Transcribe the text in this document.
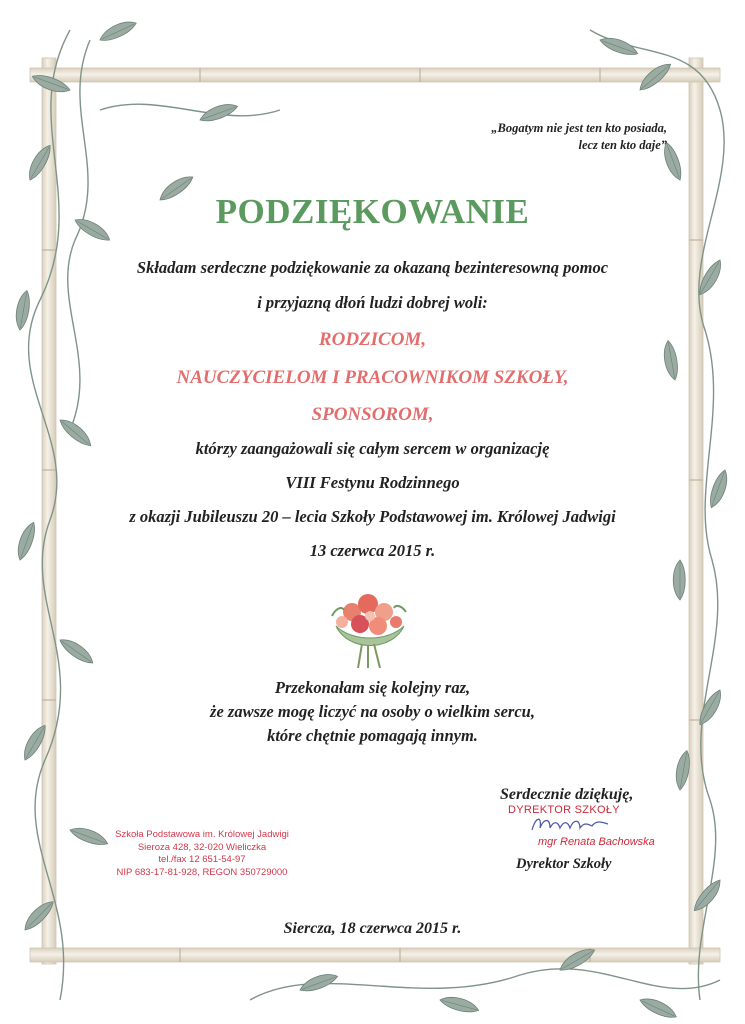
„Bogatym nie jest ten kto posiada,
lecz ten kto daje”
PODZIĘKOWANIE
Składam serdeczne podziękowanie za okazaną bezinteresowną pomoc
i przyjazną dłoń ludzi dobrej woli:
RODZICOM,
NAUCZYCIELOM I PRACOWNIKOM SZKOŁY,
SPONSOROM,
którzy zaangażowali się całym sercem w organizację
VIII Festynu Rodzinnego
z okazji Jubileuszu 20 – lecia Szkoły Podstawowej im. Królowej Jadwigi
13 czerwca 2015 r.
Przekonałam się kolejny raz,
że zawsze mogę liczyć na osoby o wielkim sercu,
które chętnie pomagają innym.
Serdecznie dziękuję,
DYREKTOR SZKOŁY
mgr Renata Bachowska
Dyrektor Szkoły
Szkoła Podstawowa im. Królowej Jadwigi
Sieroza 428, 32-020 Wieliczka
tel./fax 12 651-54-97
NIP 683-17-81-928, REGON 350729000
Siercza, 18 czerwca 2015 r.
